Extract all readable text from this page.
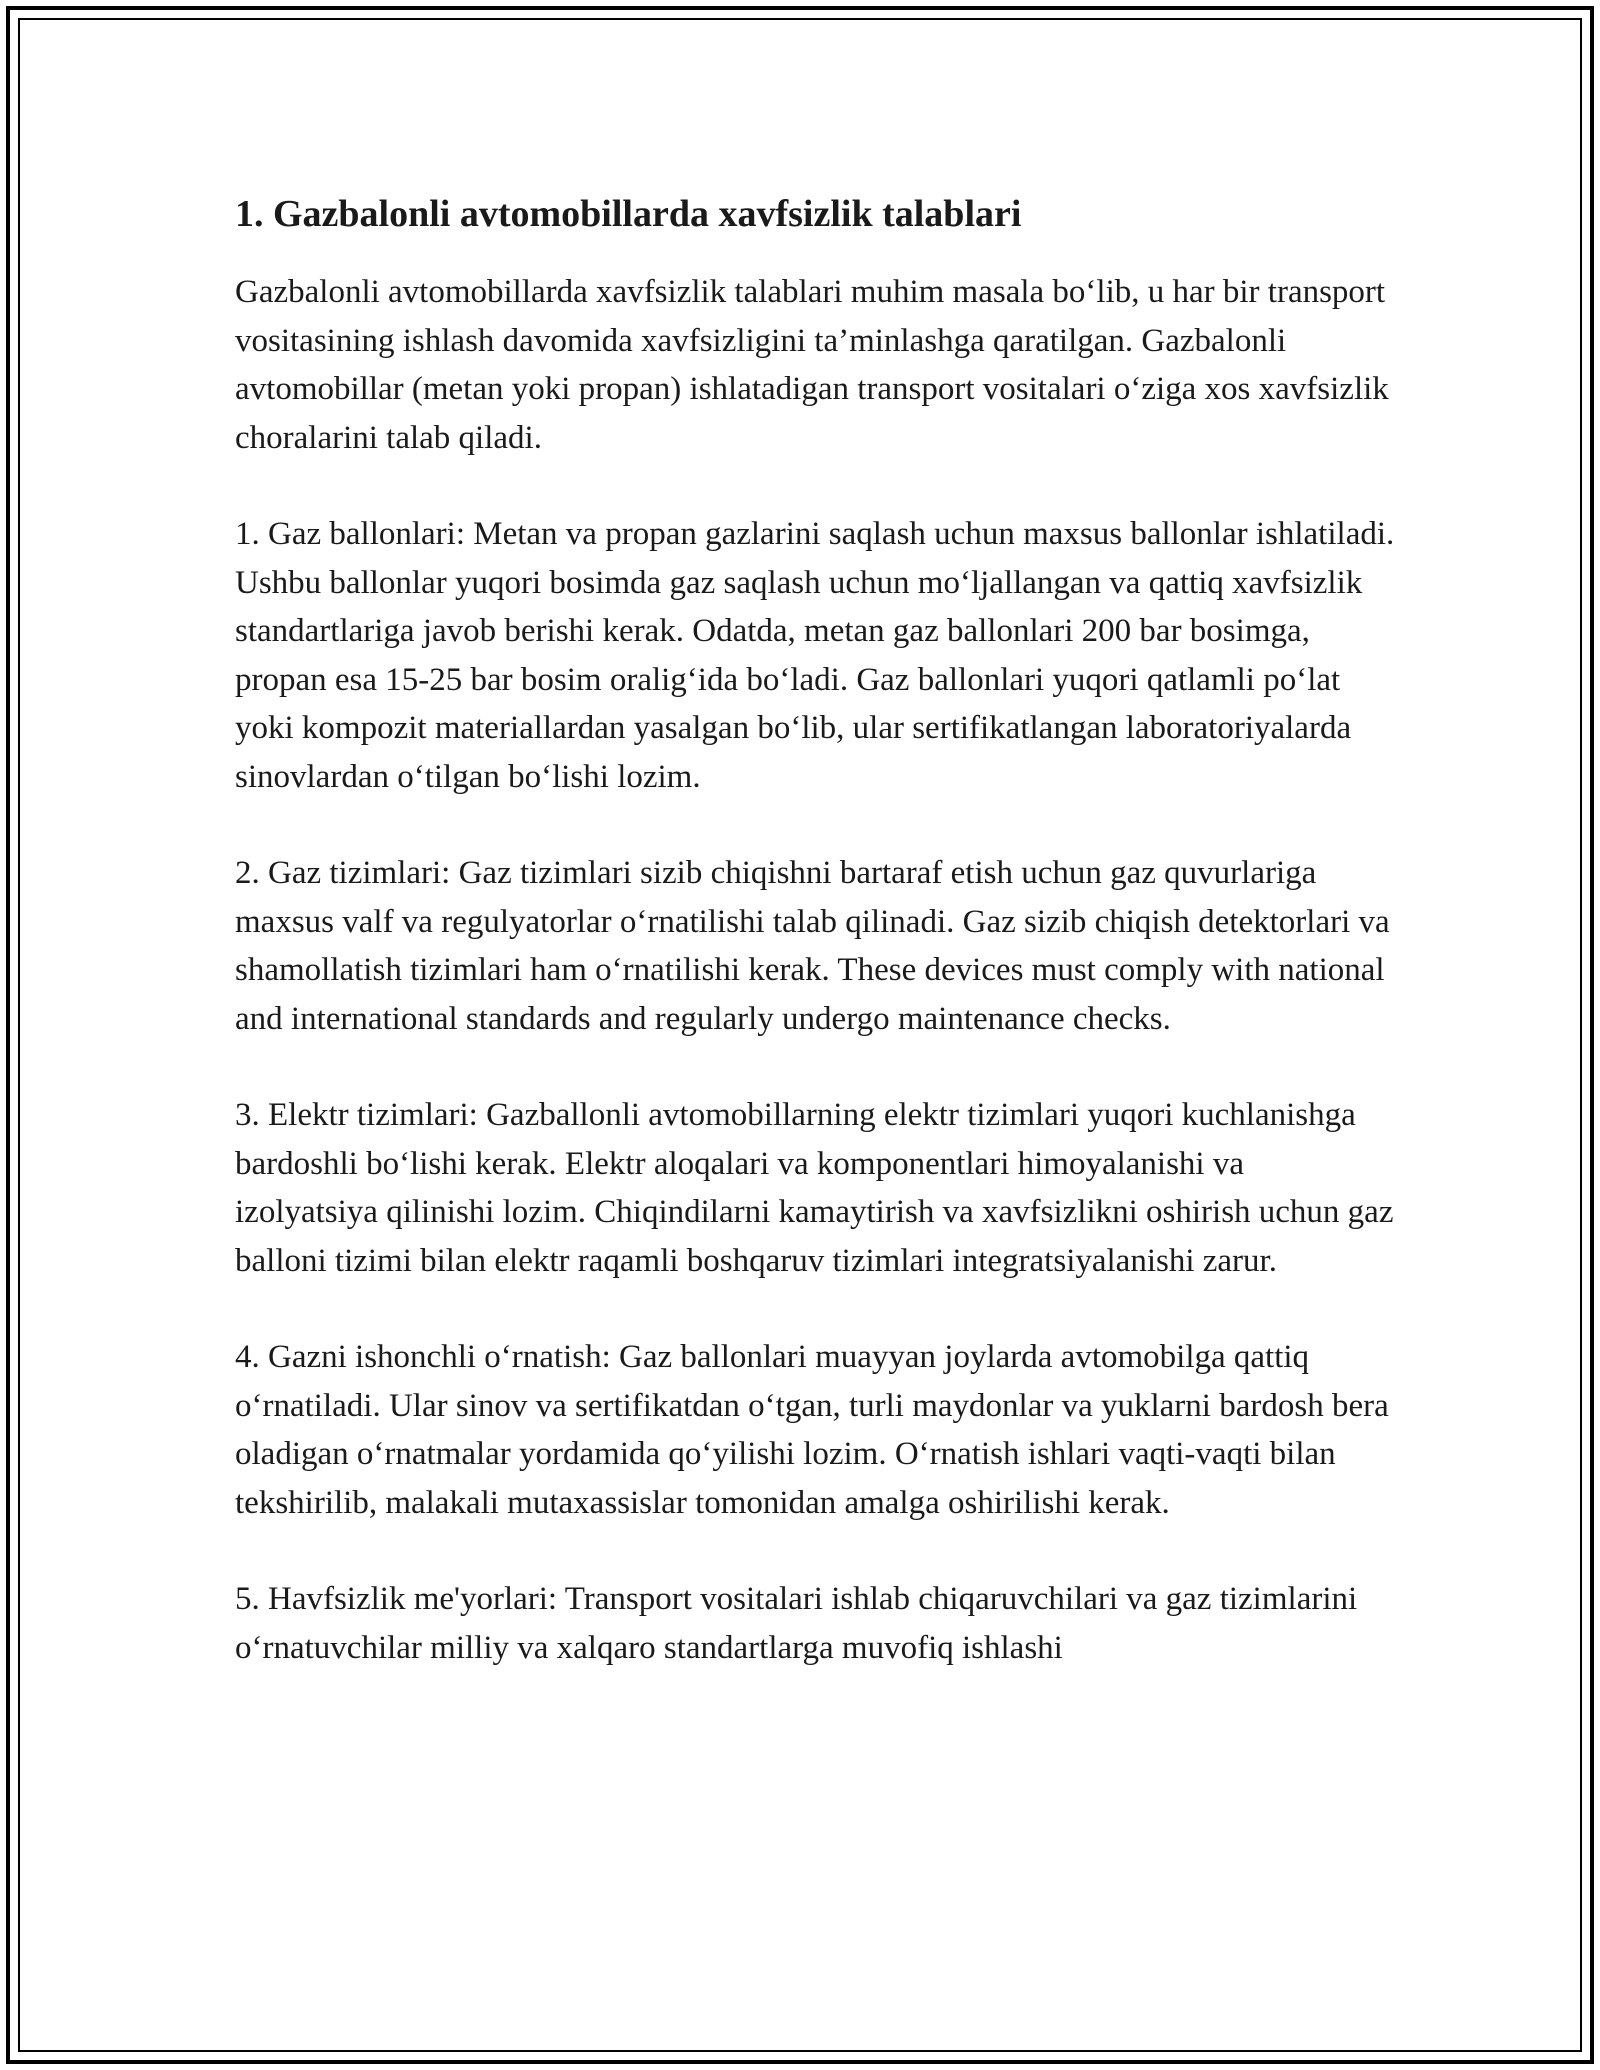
1. Gazbalonli avtomobillarda xavfsizlik talablari

Gazbalonli avtomobillarda xavfsizlik talablari muhim masala boʻlib, u har bir transport vositasining ishlash davomida xavfsizligini ta’minlashga qaratilgan. Gazbalonli avtomobillar (metan yoki propan) ishlatadigan transport vositalari oʻziga xos xavfsizlik choralarini talab qiladi.

1. Gaz ballonlari: Metan va propan gazlarini saqlash uchun maxsus ballonlar ishlatiladi. Ushbu ballonlar yuqori bosimda gaz saqlash uchun moʻljallangan va qattiq xavfsizlik standartlariga javob berishi kerak. Odatda, metan gaz ballonlari 200 bar bosimga, propan esa 15-25 bar bosim oraligʻida boʻladi. Gaz ballonlari yuqori qatlamli poʻlat yoki kompozit materiallardan yasalgan boʻlib, ular sertifikatlangan laboratoriyalarda sinovlardan oʻtilgan boʻlishi lozim.

2. Gaz tizimlari: Gaz tizimlari sizib chiqishni bartaraf etish uchun gaz quvurlariga maxsus valf va regulyatorlar oʻrnatilishi talab qilinadi. Gaz sizib chiqish detektorlari va shamollatish tizimlari ham oʻrnatilishi kerak. These devices must comply with national and international standards and regularly undergo maintenance checks.

3. Elektr tizimlari: Gazballonli avtomobillarning elektr tizimlari yuqori kuchlanishga bardoshli boʻlishi kerak. Elektr aloqalari va komponentlari himoyalanishi va izolyatsiya qilinishi lozim. Chiqindilarni kamaytirish va xavfsizlikni oshirish uchun gaz balloni tizimi bilan elektr raqamli boshqaruv tizimlari integratsiyalanishi zarur.

4. Gazni ishonchli oʻrnatish: Gaz ballonlari muayyan joylarda avtomobilga qattiq oʻrnatiladi. Ular sinov va sertifikatdan oʻtgan, turli maydonlar va yuklarni bardosh bera oladigan oʻrnatmalar yordamida qoʻyilishi lozim. Oʻrnatish ishlari vaqti-vaqti bilan tekshirilib, malakali mutaxassislar tomonidan amalga oshirilishi kerak.

5. Havfsizlik me'yorlari: Transport vositalari ishlab chiqaruvchilari va gaz tizimlarini oʻrnatuvchilar milliy va xalqaro standartlarga muvofiq ishlashi
